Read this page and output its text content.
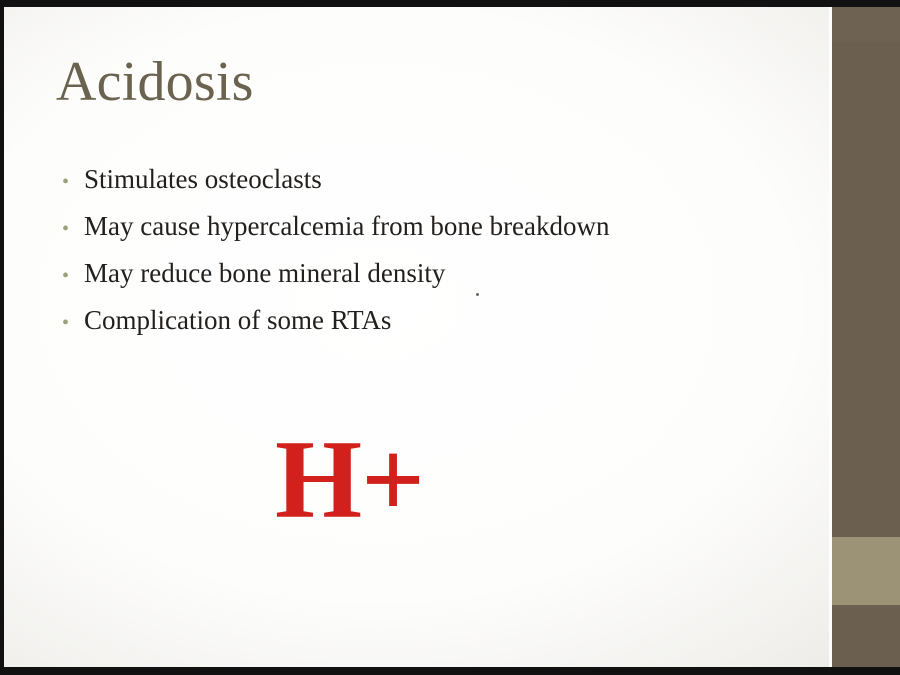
Acidosis
• Stimulates osteoclasts
• May cause hypercalcemia from bone breakdown
• May reduce bone mineral density
• Complication of some RTAs
H+
